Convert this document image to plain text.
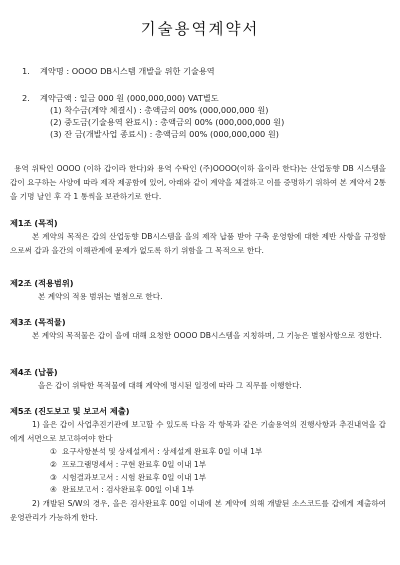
기술용역계약서
1. 계약명 : OOOO DB시스템 개발을 위한 기술용역
2. 계약금액 : 일금 000 원 (000,000,000) VAT별도
(1) 착수금(계약 체결시) : 총액금의 00% (000,000,000 원)
(2) 중도금(기술용역 완료시) : 총액금의 00% (000,000,000 원)
(3) 잔 금(개발사업 종료시) : 총액금의 00% (000,000,000 원)
용역 위탁인 OOOO (이하 갑이라 한다)와 용역 수탁인 (주)OOOO(이하 을이라 한다)는 산업동향 DB 시스템을 갑이 요구하는 사양에 따라 제작 제공함에 있어, 아래와 같이 계약을 체결하고 이를 증명하기 위하여 본 계약서 2통을 기명 날인 후 각 1 통씩을 보관하기로 한다.
제1조 (목적)
본 계약의 목적은 갑의 산업동향 DB시스템을 을의 제작 납품 받아 구축 운영함에 대한 제반 사항을 규정함으로써 갑과 을간의 이해관계에 문제가 없도록 하기 위함을 그 목적으로 한다.
제2조 (적용범위)
본 계약의 적용 범위는 별첨으로 한다.
제3조 (목적물)
본 계약의 목적물은 갑이 을에 대해 요청한 OOOO DB시스템을 지칭하며, 그 기능은 별첨사항으로 정한다.
제4조 (납품)
을은 갑이 위탁한 목적물에 대해 계약에 명시된 일정에 따라 그 직무를 이행한다.
제5조 (진도보고 및 보고서 제출)
1) 을은 갑이 사업추진기관에 보고할 수 있도록 다음 각 항목과 같은 기술용역의 진행사항과 추진내역을 갑에게 서면으로 보고하여야 한다
① 요구사항분석 및 상세설계서 : 상세설계 완료후 0일 이내 1부
② 프로그램명세서 : 구현 완료후 0일 이내 1부
③ 시험결과보고서 : 시험 완료후 0일 이내 1부
④ 완료보고서 : 검사완료후 00일 이내 1부
2) 개발된 S/W의 경우, 을은 검사완료후 00일 이내에 본 계약에 의해 개발된 소스코드를 갑에게 제출하여 운영관리가 가능하게 한다.
